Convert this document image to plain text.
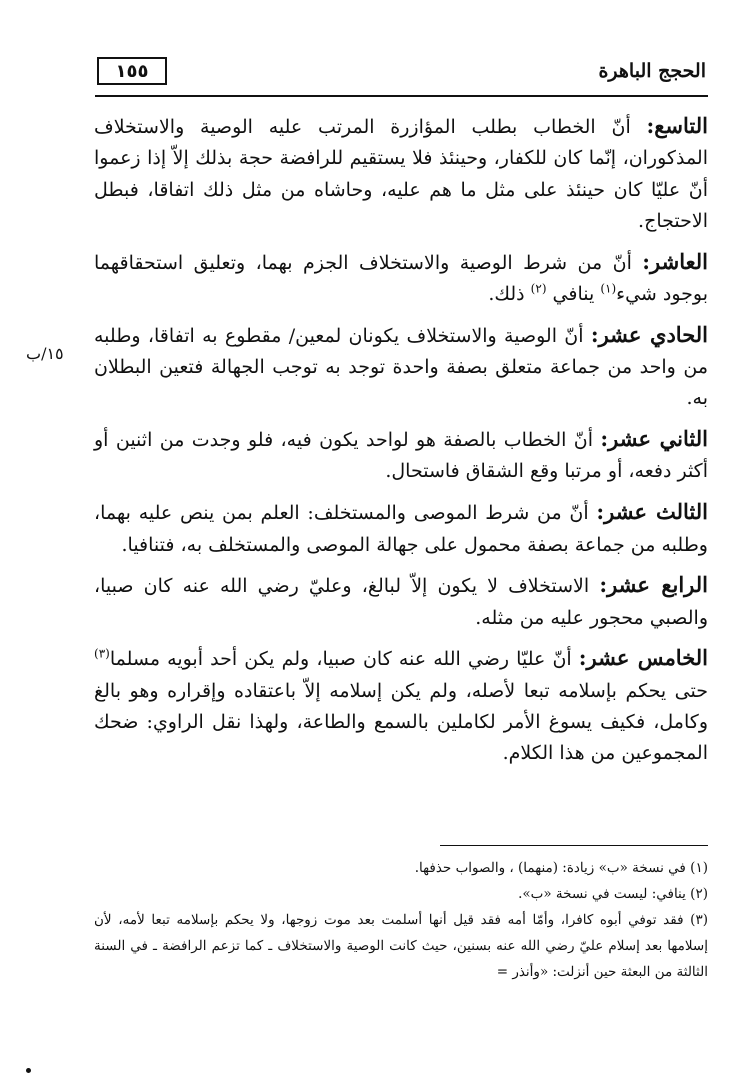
الحجج الباهرة
١٥٥
١٥/ب

التاسع: أنّ الخطاب بطلب المؤازرة المرتب عليه الوصية والاستخلاف المذكوران، إنّما كان للكفار، وحينئذ فلا يستقيم للرافضة حجة بذلك إلاّ إذا زعموا أنّ عليّا كان حينئذ على مثل ما هم عليه، وحاشاه من مثل ذلك اتفاقا، فبطل الاحتجاج.

العاشر: أنّ من شرط الوصية والاستخلاف الجزم بهما، وتعليق استحقاقهما بوجود شيء$^{(١)}$ ينافي $^{(٢)}$ ذلك.

الحادي عشر: أنّ الوصية والاستخلاف يكونان لمعين/ مقطوع به اتفاقا، وطلبه من واحد من جماعة متعلق بصفة واحدة توجد به توجب الجهالة فتعين البطلان به.

الثاني عشر: أنّ الخطاب بالصفة هو لواحد يكون فيه، فلو وجدت من اثنين أو أكثر دفعه، أو مرتبا وقع الشقاق فاستحال.

الثالث عشر: أنّ من شرط الموصى والمستخلف: العلم بمن ينص عليه بهما، وطلبه من جماعة بصفة محمول على جهالة الموصى والمستخلف به، فتنافيا.

الرابع عشر: الاستخلاف لا يكون إلاّ لبالغ، وعليّ رضي الله عنه كان صبيا، والصبي محجور عليه من مثله.

الخامس عشر: أنّ عليّا رضي الله عنه كان صبيا، ولم يكن أحد أبويه مسلما$^{(٣)}$ حتى يحكم بإسلامه تبعا لأصله، ولم يكن إسلامه إلاّ باعتقاده وإقراره وهو بالغ وكامل، فكيف يسوغ الأمر لكاملين بالسمع والطاعة، ولهذا نقل الراوي: ضحك المجموعين من هذا الكلام.

(١) في نسخة «ب» زيادة: (منهما) ، والصواب حذفها.

(٢) ينافي: ليست في نسخة «ب».

(٣) فقد توفي أبوه كافرا، وأمّا أمه فقد قيل أنها أسلمت بعد موت زوجها، ولا يحكم بإسلامه تبعا لأمه، لأن إسلامها بعد إسلام عليّ رضي الله عنه بسنين، حيث كانت الوصية والاستخلاف ـ كما تزعم الرافضة ـ في السنة الثالثة من البعثة حين أنزلت: «وأنذر =
